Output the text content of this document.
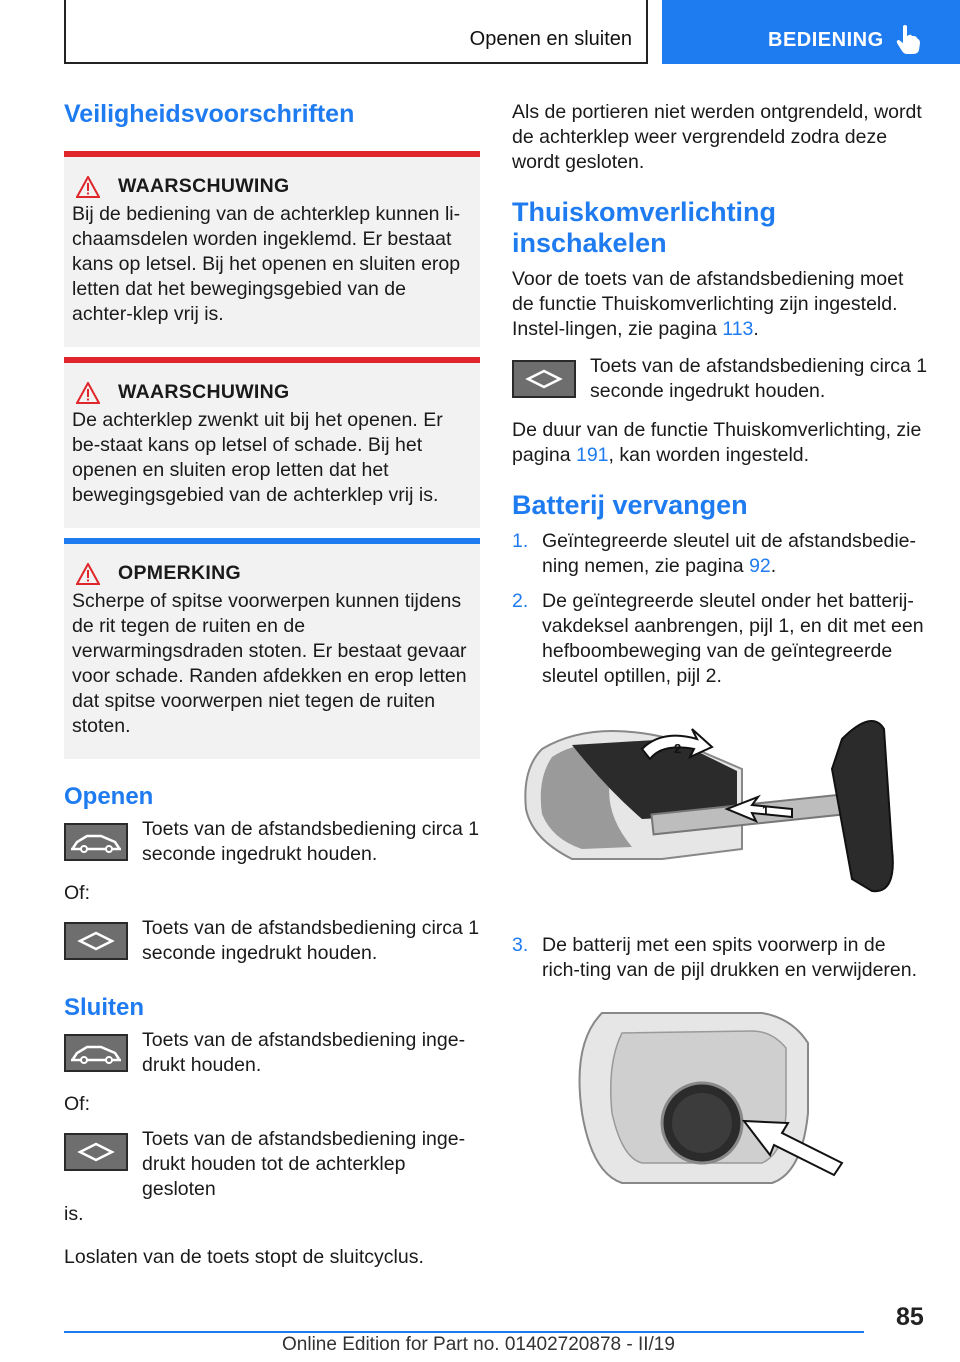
Openen en sluiten	BEDIENING
Veiligheidsvoorschriften
WAARSCHUWING

Bij de bediening van de achterklep kunnen li-chaamsdelen worden ingeklemd. Er bestaat kans op letsel. Bij het openen en sluiten erop letten dat het bewegingsgebied van de achter-klep vrij is.

WAARSCHUWING

De achterklep zwenkt uit bij het openen. Er be-staat kans op letsel of schade. Bij het openen en sluiten erop letten dat het bewegingsgebied van de achterklep vrij is.

OPMERKING

Scherpe of spitse voorwerpen kunnen tijdens de rit tegen de ruiten en de verwarmingsdraden stoten. Er bestaat gevaar voor schade. Randen afdekken en erop letten dat spitse voorwerpen niet tegen de ruiten stoten.

Openen

Toets van de afstandsbediening circa 1 seconde ingedrukt houden.

Of:

Toets van de afstandsbediening circa 1 seconde ingedrukt houden.

Sluiten

Toets van de afstandsbediening inge-drukt houden.

Of:

Toets van de afstandsbediening inge-drukt houden tot de achterklep gesloten

is.

Loslaten van de toets stopt de sluitcyclus.

Als de portieren niet werden ontgrendeld, wordt de achterklep weer vergrendeld zodra deze wordt gesloten.

Thuiskomverlichting inschakelen

Voor de toets van de afstandsbediening moet de functie Thuiskomverlichting zijn ingesteld. Instel-lingen, zie pagina 113.

Toets van de afstandsbediening circa 1 seconde ingedrukt houden.

De duur van de functie Thuiskomverlichting, zie pagina 191, kan worden ingesteld.

Batterij vervangen
1. Geïntegreerde sleutel uit de afstandsbedie-ning nemen, zie pagina 92.
2. De geïntegreerde sleutel onder het batterij-vakdeksel aanbrengen, pijl 1, en dit met een hefboombeweging van de geïntegreerde sleutel optillen, pijl 2.
2
1
3. De batterij met een spits voorwerp in de rich-ting van de pijl drukken en verwijderen.
85
Online Edition for Part no. 01402720878 - II/19
